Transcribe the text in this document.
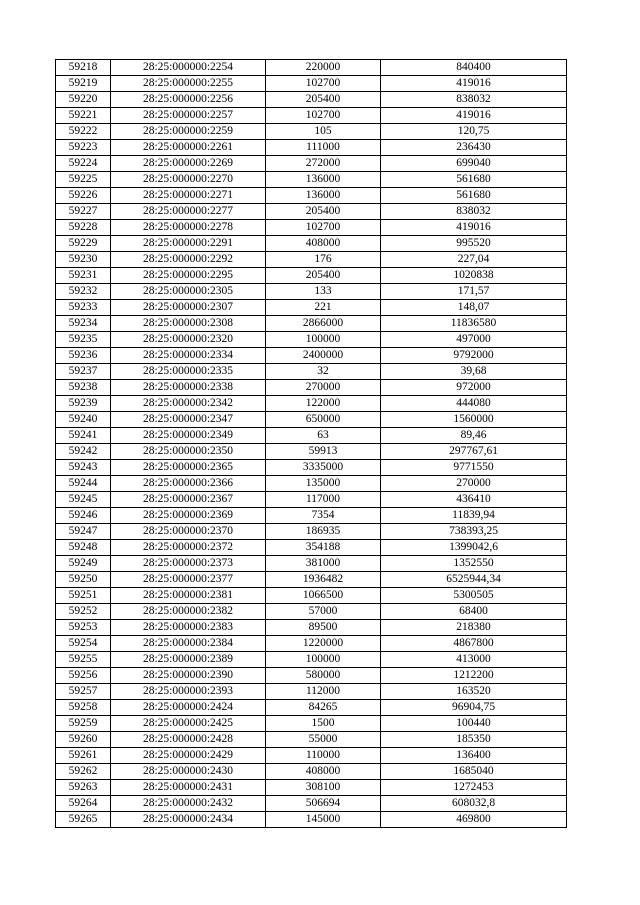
59218	28:25:000000:2254	220000	840400
59219	28:25:000000:2255	102700	419016
59220	28:25:000000:2256	205400	838032
59221	28:25:000000:2257	102700	419016
59222	28:25:000000:2259	105	120,75
59223	28:25:000000:2261	111000	236430
59224	28:25:000000:2269	272000	699040
59225	28:25:000000:2270	136000	561680
59226	28:25:000000:2271	136000	561680
59227	28:25:000000:2277	205400	838032
59228	28:25:000000:2278	102700	419016
59229	28:25:000000:2291	408000	995520
59230	28:25:000000:2292	176	227,04
59231	28:25:000000:2295	205400	1020838
59232	28:25:000000:2305	133	171,57
59233	28:25:000000:2307	221	148,07
59234	28:25:000000:2308	2866000	11836580
59235	28:25:000000:2320	100000	497000
59236	28:25:000000:2334	2400000	9792000
59237	28:25:000000:2335	32	39,68
59238	28:25:000000:2338	270000	972000
59239	28:25:000000:2342	122000	444080
59240	28:25:000000:2347	650000	1560000
59241	28:25:000000:2349	63	89,46
59242	28:25:000000:2350	59913	297767,61
59243	28:25:000000:2365	3335000	9771550
59244	28:25:000000:2366	135000	270000
59245	28:25:000000:2367	117000	436410
59246	28:25:000000:2369	7354	11839,94
59247	28:25:000000:2370	186935	738393,25
59248	28:25:000000:2372	354188	1399042,6
59249	28:25:000000:2373	381000	1352550
59250	28:25:000000:2377	1936482	6525944,34
59251	28:25:000000:2381	1066500	5300505
59252	28:25:000000:2382	57000	68400
59253	28:25:000000:2383	89500	218380
59254	28:25:000000:2384	1220000	4867800
59255	28:25:000000:2389	100000	413000
59256	28:25:000000:2390	580000	1212200
59257	28:25:000000:2393	112000	163520
59258	28:25:000000:2424	84265	96904,75
59259	28:25:000000:2425	1500	100440
59260	28:25:000000:2428	55000	185350
59261	28:25:000000:2429	110000	136400
59262	28:25:000000:2430	408000	1685040
59263	28:25:000000:2431	308100	1272453
59264	28:25:000000:2432	506694	608032,8
59265	28:25:000000:2434	145000	469800
